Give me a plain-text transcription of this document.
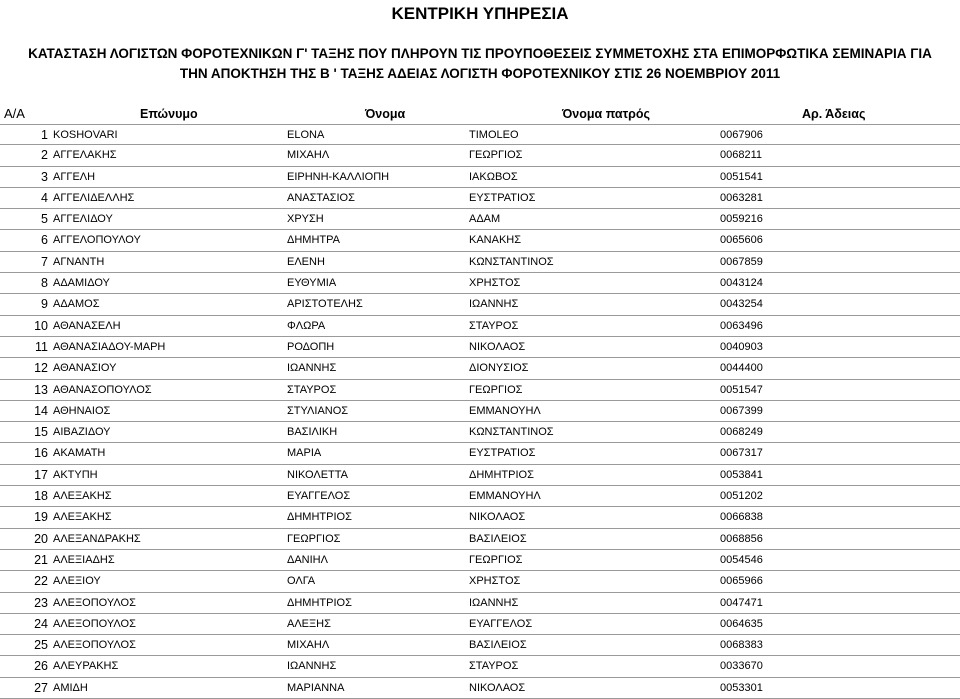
ΚΕΝΤΡΙΚΗ ΥΠΗΡΕΣΙΑ
ΚΑΤΑΣΤΑΣΗ ΛΟΓΙΣΤΩΝ ΦΟΡΟΤΕΧΝΙΚΩΝ Γ' ΤΑΞΗΣ ΠΟΥ ΠΛΗΡΟΥΝ ΤΙΣ ΠΡΟΥΠΟΘΕΣΕΙΣ ΣΥΜΜΕΤΟΧΗΣ ΣΤΑ ΕΠΙΜΟΡΦΩΤΙΚΑ ΣΕΜΙΝΑΡΙΑ ΓΙΑ
ΤΗΝ ΑΠΟΚΤΗΣΗ ΤΗΣ Β ' ΤΑΞΗΣ ΑΔΕΙΑΣ ΛΟΓΙΣΤΗ ΦΟΡΟΤΕΧΝΙΚΟΥ ΣΤΙΣ 26 ΝΟΕΜΒΡΙΟΥ 2011
Α/Α	Επώνυμο	Όνομα	Όνομα πατρός	Αρ. Άδειας
1 KOSHOVARI	ELONA	TIMOLEO	0067906
2 ΑΓΓΕΛΑΚΗΣ	ΜΙΧΑΗΛ	ΓΕΩΡΓΙΟΣ	0068211
3 ΑΓΓΕΛΗ	ΕΙΡΗΝΗ-ΚΑΛΛΙΟΠΗ	ΙΑΚΩΒΟΣ	0051541
4 ΑΓΓΕΛΙΔΕΛΛΗΣ	ΑΝΑΣΤΑΣΙΟΣ	ΕΥΣΤΡΑΤΙΟΣ	0063281
5 ΑΓΓΕΛΙΔΟΥ	ΧΡΥΣΗ	ΑΔΑΜ	0059216
6 ΑΓΓΕΛΟΠΟΥΛΟΥ	ΔΗΜΗΤΡΑ	ΚΑΝΑΚΗΣ	0065606
7 ΑΓΝΑΝΤΗ	ΕΛΕΝΗ	ΚΩΝΣΤΑΝΤΙΝΟΣ	0067859
8 ΑΔΑΜΙΔΟΥ	ΕΥΘΥΜΙΑ	ΧΡΗΣΤΟΣ	0043124
9 ΑΔΑΜΟΣ	ΑΡΙΣΤΟΤΕΛΗΣ	ΙΩΑΝΝΗΣ	0043254
10 ΑΘΑΝΑΣΕΛΗ	ΦΛΩΡΑ	ΣΤΑΥΡΟΣ	0063496
11 ΑΘΑΝΑΣΙΑΔΟΥ-ΜΑΡΗ	ΡΟΔΟΠΗ	ΝΙΚΟΛΑΟΣ	0040903
12 ΑΘΑΝΑΣΙΟΥ	ΙΩΑΝΝΗΣ	ΔΙΟΝΥΣΙΟΣ	0044400
13 ΑΘΑΝΑΣΟΠΟΥΛΟΣ	ΣΤΑΥΡΟΣ	ΓΕΩΡΓΙΟΣ	0051547
14 ΑΘΗΝΑΙΟΣ	ΣΤΥΛΙΑΝΟΣ	ΕΜΜΑΝΟΥΗΛ	0067399
15 ΑΙΒΑΖΙΔΟΥ	ΒΑΣΙΛΙΚΗ	ΚΩΝΣΤΑΝΤΙΝΟΣ	0068249
16 ΑΚΑΜΑΤΗ	ΜΑΡΙΑ	ΕΥΣΤΡΑΤΙΟΣ	0067317
17 ΑΚΤΥΠΗ	ΝΙΚΟΛΕΤΤΑ	ΔΗΜΗΤΡΙΟΣ	0053841
18 ΑΛΕΞΑΚΗΣ	ΕΥΑΓΓΕΛΟΣ	ΕΜΜΑΝΟΥΗΛ	0051202
19 ΑΛΕΞΑΚΗΣ	ΔΗΜΗΤΡΙΟΣ	ΝΙΚΟΛΑΟΣ	0066838
20 ΑΛΕΞΑΝΔΡΑΚΗΣ	ΓΕΩΡΓΙΟΣ	ΒΑΣΙΛΕΙΟΣ	0068856
21 ΑΛΕΞΙΑΔΗΣ	ΔΑΝΙΗΛ	ΓΕΩΡΓΙΟΣ	0054546
22 ΑΛΕΞΙΟΥ	ΟΛΓΑ	ΧΡΗΣΤΟΣ	0065966
23 ΑΛΕΞΟΠΟΥΛΟΣ	ΔΗΜΗΤΡΙΟΣ	ΙΩΑΝΝΗΣ	0047471
24 ΑΛΕΞΟΠΟΥΛΟΣ	ΑΛΕΞΗΣ	ΕΥΑΓΓΕΛΟΣ	0064635
25 ΑΛΕΞΟΠΟΥΛΟΣ	ΜΙΧΑΗΛ	ΒΑΣΙΛΕΙΟΣ	0068383
26 ΑΛΕΥΡΑΚΗΣ	ΙΩΑΝΝΗΣ	ΣΤΑΥΡΟΣ	0033670
27 ΑΜΙΔΗ	ΜΑΡΙΑΝΝΑ	ΝΙΚΟΛΑΟΣ	0053301
